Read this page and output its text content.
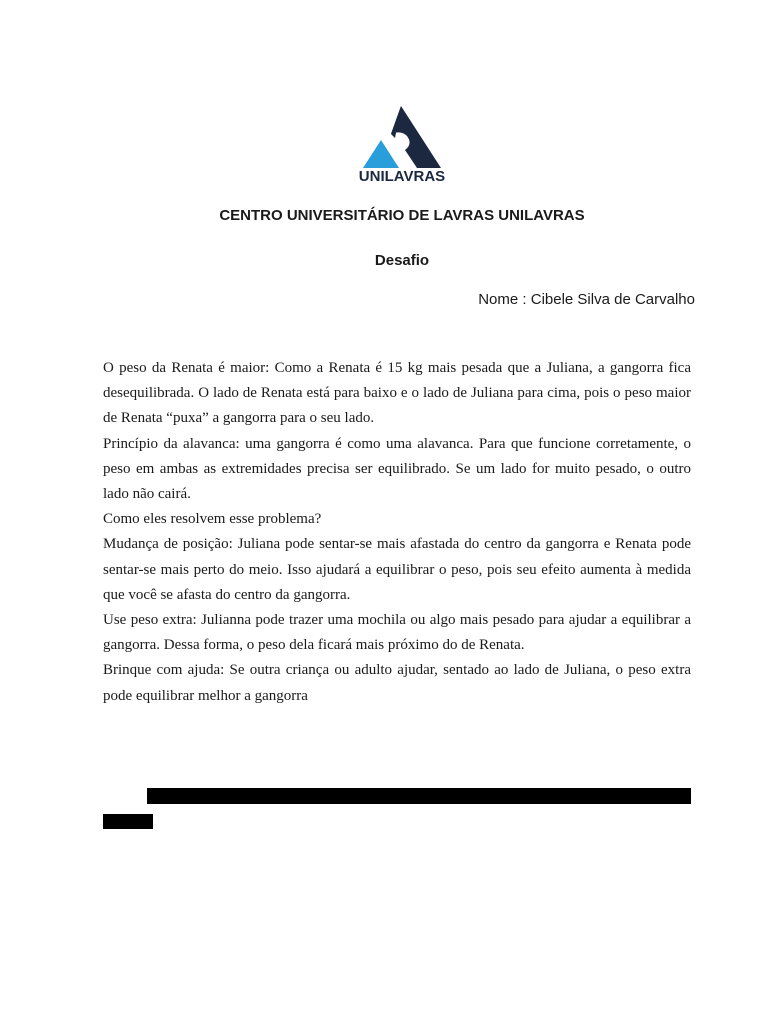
UNILAVRAS
CENTRO UNIVERSITÁRIO DE LAVRAS UNILAVRAS
Desafio
Nome : Cibele Silva de Carvalho

O peso da Renata é maior: Como a Renata é 15 kg mais pesada que a Juliana, a gangorra fica desequilibrada. O lado de Renata está para baixo e o lado de Juliana para cima, pois o peso maior de Renata “puxa” a gangorra para o seu lado.

Princípio da alavanca: uma gangorra é como uma alavanca. Para que funcione corretamente, o peso em ambas as extremidades precisa ser equilibrado. Se um lado for muito pesado, o outro lado não cairá.

Como eles resolvem esse problema?

Mudança de posição: Juliana pode sentar-se mais afastada do centro da gangorra e Renata pode sentar-se mais perto do meio. Isso ajudará a equilibrar o peso, pois seu efeito aumenta à medida que você se afasta do centro da gangorra.

Use peso extra: Julianna pode trazer uma mochila ou algo mais pesado para ajudar a equilibrar a gangorra. Dessa forma, o peso dela ficará mais próximo do de Renata.

Brinque com ajuda: Se outra criança ou adulto ajudar, sentado ao lado de Juliana, o peso extra pode equilibrar melhor a gangorra
